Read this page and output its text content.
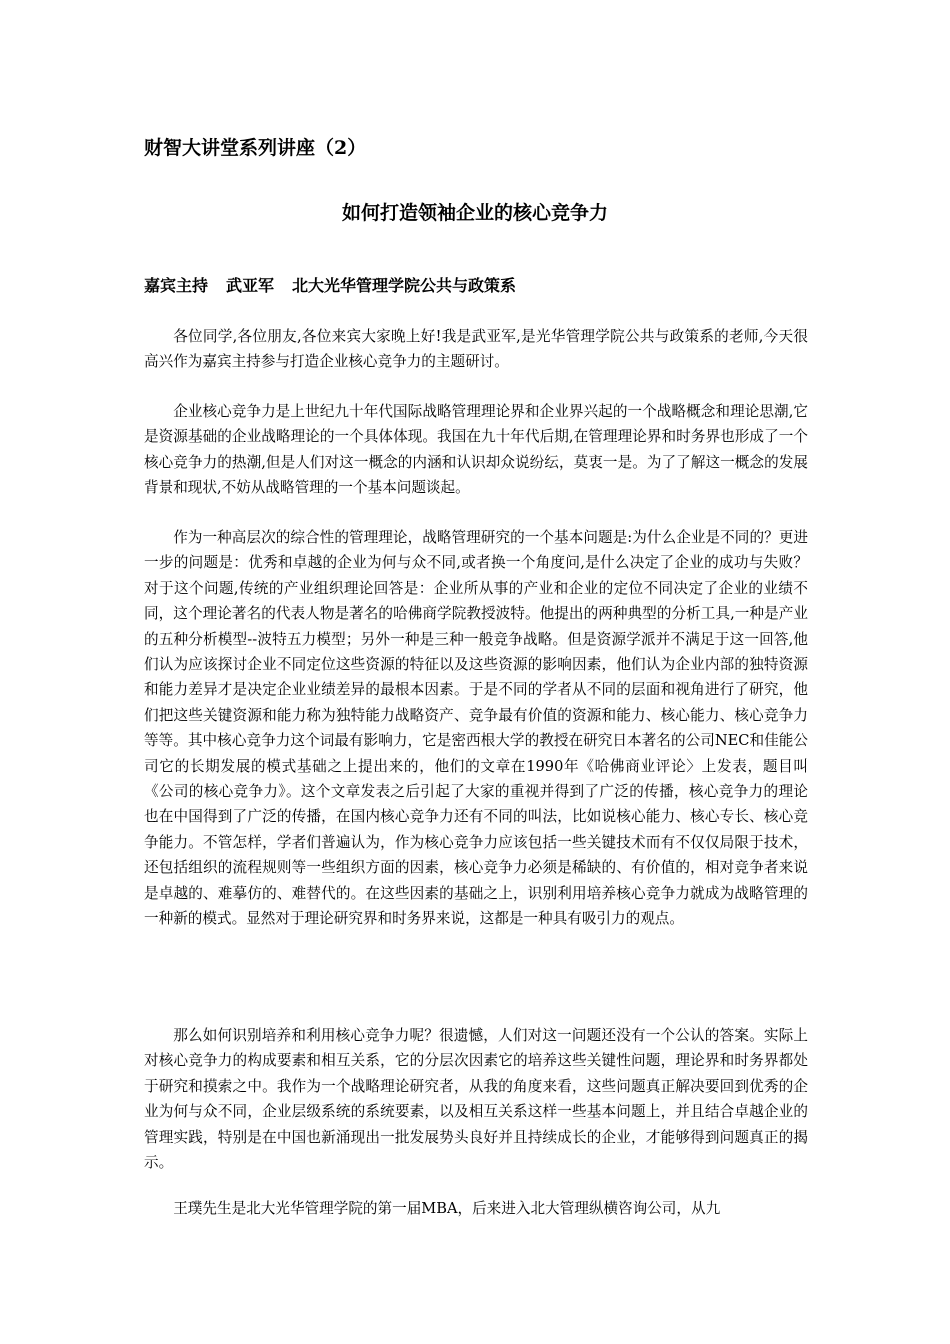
财智大讲堂系列讲座（2）
如何打造领袖企业的核心竞争力

嘉宾主持 武亚军 北大光华管理学院公共与政策系

各位同学,各位朋友,各位来宾大家晚上好!我是武亚军,是光华管理学院公共与政策系的老师,今天很高兴作为嘉宾主持参与打造企业核心竞争力的主题研讨。

企业核心竞争力是上世纪九十年代国际战略管理理论界和企业界兴起的一个战略概念和理论思潮,它是资源基础的企业战略理论的一个具体体现。我国在九十年代后期,在管理理论界和时务界也形成了一个核心竞争力的热潮,但是人们对这一概念的内涵和认识却众说纷纭，莫衷一是。为了了解这一概念的发展背景和现状,不妨从战略管理的一个基本问题谈起。

作为一种高层次的综合性的管理理论，战略管理研究的一个基本问题是:为什么企业是不同的？更进一步的问题是：优秀和卓越的企业为何与众不同,或者换一个角度问,是什么决定了企业的成功与失败？对于这个问题,传统的产业组织理论回答是：企业所从事的产业和企业的定位不同决定了企业的业绩不同，这个理论著名的代表人物是著名的哈佛商学院教授波特。他提出的两种典型的分析工具,一种是产业的五种分析模型--波特五力模型；另外一种是三种一般竞争战略。但是资源学派并不满足于这一回答,他们认为应该探讨企业不同定位这些资源的特征以及这些资源的影响因素，他们认为企业内部的独特资源和能力差异才是决定企业业绩差异的最根本因素。于是不同的学者从不同的层面和视角进行了研究，他们把这些关键资源和能力称为独特能力战略资产、竞争最有价值的资源和能力、核心能力、核心竞争力等等。其中核心竞争力这个词最有影响力，它是密西根大学的教授在研究日本著名的公司NEC和佳能公司它的长期发展的模式基础之上提出来的，他们的文章在1990年《哈佛商业评论〉上发表，题目叫《公司的核心竞争力》。这个文章发表之后引起了大家的重视并得到了广泛的传播，核心竞争力的理论也在中国得到了广泛的传播，在国内核心竞争力还有不同的叫法，比如说核心能力、核心专长、核心竞争能力。不管怎样，学者们普遍认为，作为核心竞争力应该包括一些关键技术而有不仅仅局限于技术，还包括组织的流程规则等一些组织方面的因素，核心竞争力必须是稀缺的、有价值的，相对竞争者来说是卓越的、难摹仿的、难替代的。在这些因素的基础之上，识别利用培养核心竞争力就成为战略管理的一种新的模式。显然对于理论研究界和时务界来说，这都是一种具有吸引力的观点。

那么如何识别培养和利用核心竞争力呢？很遗憾，人们对这一问题还没有一个公认的答案。实际上对核心竞争力的构成要素和相互关系，它的分层次因素它的培养这些关键性问题，理论界和时务界都处于研究和摸索之中。我作为一个战略理论研究者，从我的角度来看，这些问题真正解决要回到优秀的企业为何与众不同，企业层级系统的系统要素，以及相互关系这样一些基本问题上，并且结合卓越企业的管理实践，特别是在中国也新涌现出一批发展势头良好并且持续成长的企业，才能够得到问题真正的揭示。

王璞先生是北大光华管理学院的第一届MBA，后来进入北大管理纵横咨询公司，从九
